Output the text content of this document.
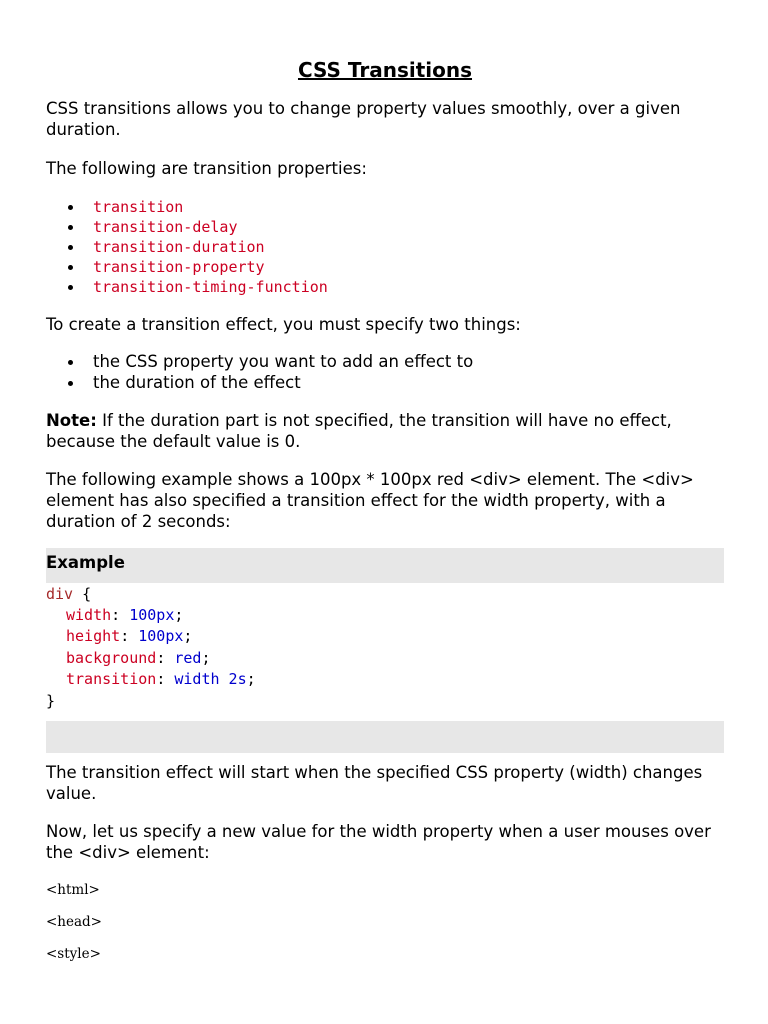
CSS Transitions

CSS transitions allows you to change property values smoothly, over a given duration.

The following are transition properties:

transition
transition-delay
transition-duration
transition-property
transition-timing-function

To create a transition effect, you must specify two things:

the CSS property you want to add an effect to
the duration of the effect

Note: If the duration part is not specified, the transition will have no effect, because the default value is 0.

The following example shows a 100px * 100px red <div> element. The <div> element has also specified a transition effect for the width property, with a duration of 2 seconds:

Example
div {
width: 100px;
height: 100px;
background: red;
transition: width 2s;
}

The transition effect will start when the specified CSS property (width) changes value.

Now, let us specify a new value for the width property when a user mouses over the <div> element:

<html>
<head>
<style>
